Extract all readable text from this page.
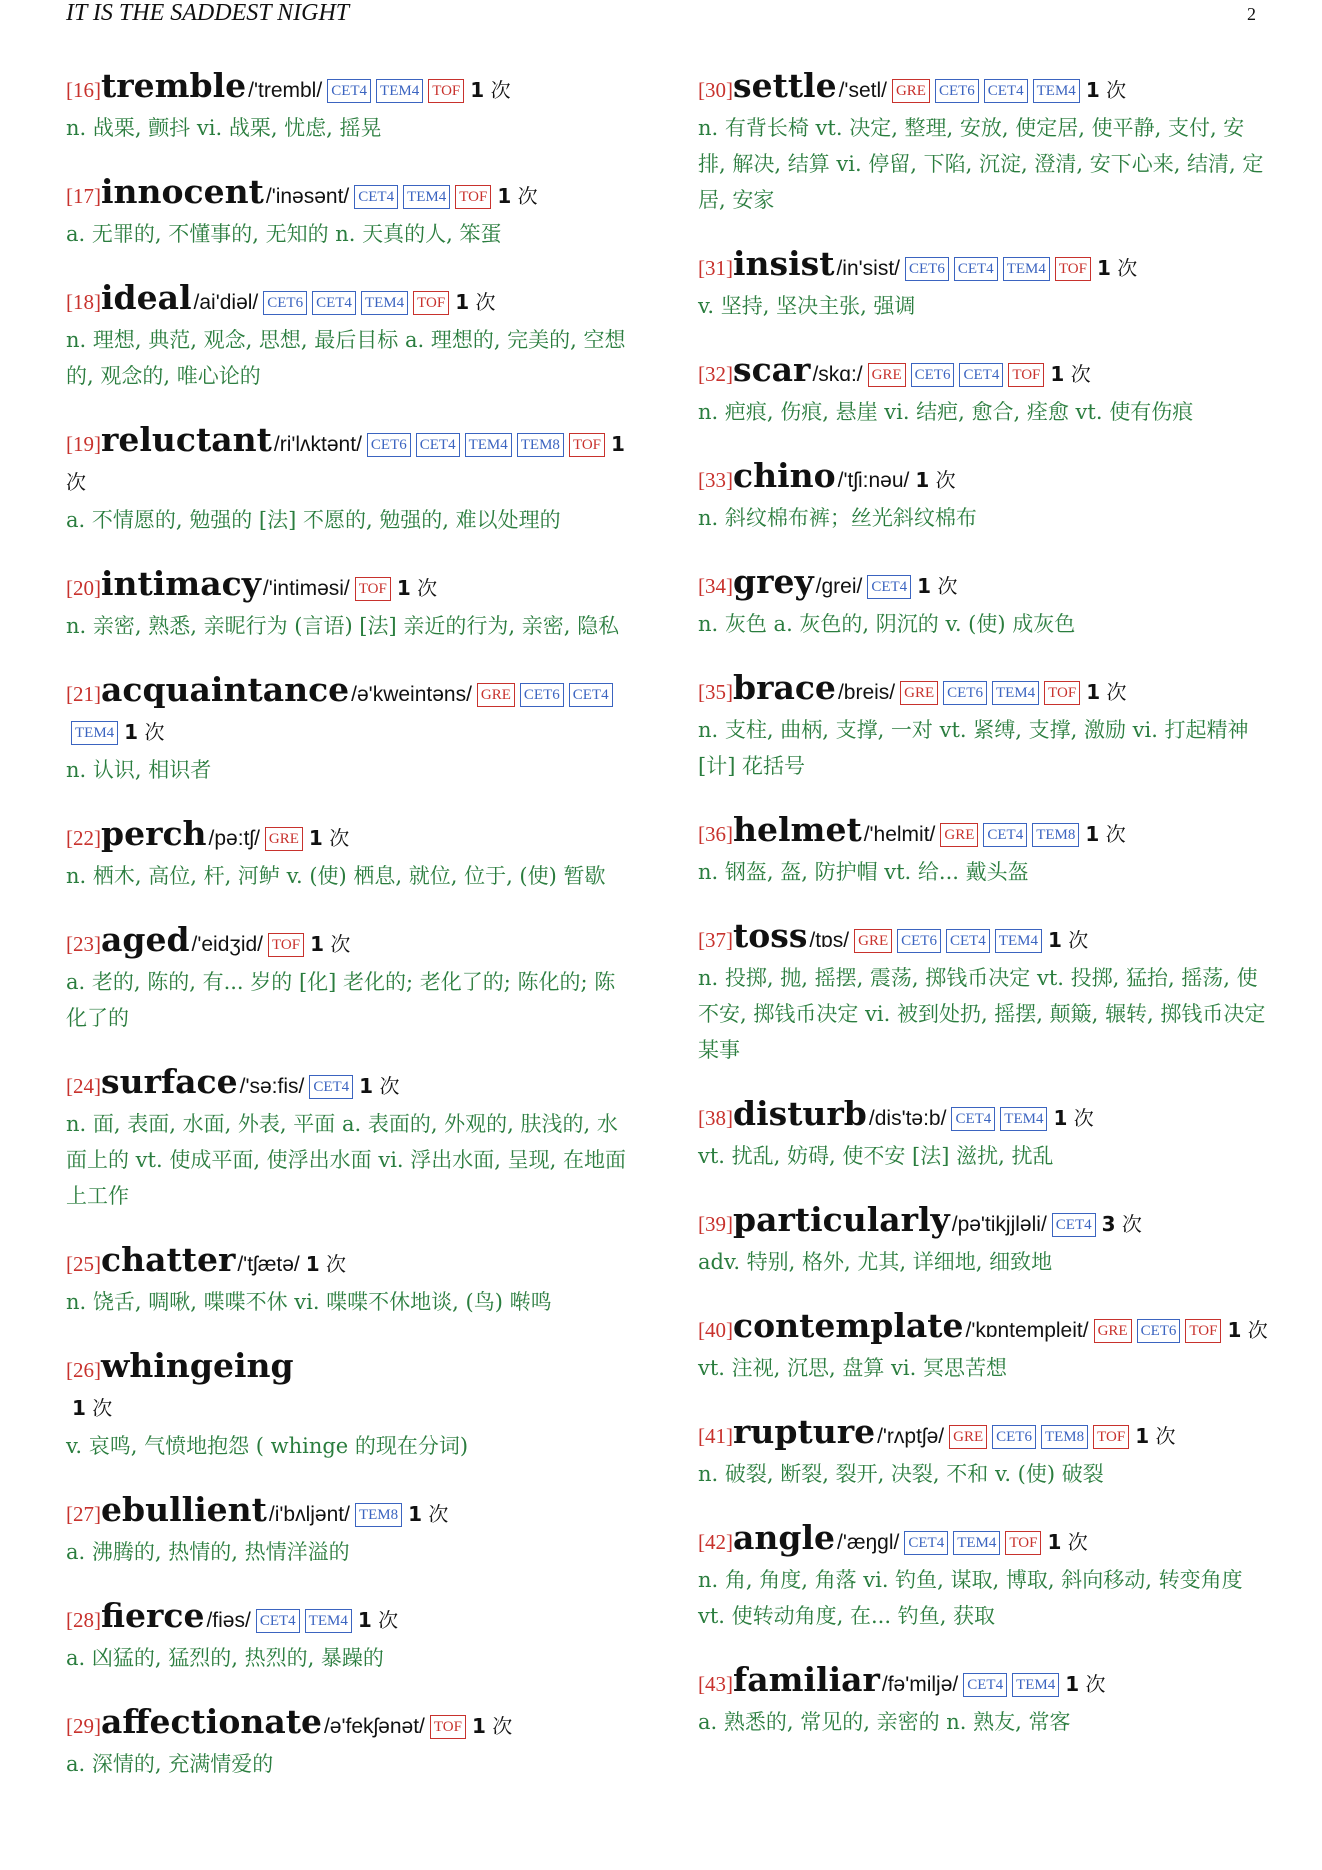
IT IS THE SADDEST NIGHT	2
[16]tremble/'trembl/ CET4 TEM4 TOF 1 次
n. 战栗, 颤抖 vi. 战栗, 忧虑, 摇晃
[17]innocent/'inəsənt/ CET4 TEM4 TOF 1 次
a. 无罪的, 不懂事的, 无知的 n. 天真的人, 笨蛋
[18]ideal/ai'diəl/ CET6 CET4 TEM4 TOF 1 次
n. 理想, 典范, 观念, 思想, 最后目标 a. 理想的, 完美的, 空想的, 观念的, 唯心论的
[19]reluctant/ri'lʌktənt/ CET6 CET4 TEM4 TEM8 TOF 1 次
a. 不情愿的, 勉强的 [法] 不愿的, 勉强的, 难以处理的
[20]intimacy/'intiməsi/ TOF 1 次
n. 亲密, 熟悉, 亲昵行为 (言语) [法] 亲近的行为, 亲密, 隐私
[21]acquaintance/ə'kweintəns/ GRE CET6 CET4TEM4 1 次
n. 认识, 相识者
[22]perch/pə:tʃ/ GRE 1 次
n. 栖木, 高位, 杆, 河鲈 v. (使) 栖息, 就位, 位于, (使) 暂歇
[23]aged/'eidʒid/ TOF 1 次
a. 老的, 陈的, 有... 岁的 [化] 老化的; 老化了的; 陈化的; 陈化了的
[24]surface/'sə:fis/ CET4 1 次
n. 面, 表面, 水面, 外表, 平面 a. 表面的, 外观的, 肤浅的, 水面上的 vt. 使成平面, 使浮出水面 vi. 浮出水面, 呈现, 在地面上工作
[25]chatter/'tʃætə/ 1 次
n. 饶舌, 啁啾, 喋喋不休 vi. 喋喋不休地谈, (鸟) 啭鸣
[26]whingeing
1 次
v. 哀鸣, 气愤地抱怨 ( whinge 的现在分词)
[27]ebullient/i'bʌljənt/ TEM8 1 次
a. 沸腾的, 热情的, 热情洋溢的
[28]fierce/fiəs/ CET4 TEM4 1 次
a. 凶猛的, 猛烈的, 热烈的, 暴躁的
[29]affectionate/ə'fekʃənət/ TOF 1 次
a. 深情的, 充满情爱的
[30]settle/'setl/ GRE CET6 CET4 TEM4 1 次
n. 有背长椅 vt. 决定, 整理, 安放, 使定居, 使平静, 支付, 安排, 解决, 结算 vi. 停留, 下陷, 沉淀, 澄清, 安下心来, 结清, 定居, 安家
[31]insist/in'sist/ CET6 CET4 TEM4 TOF 1 次
v. 坚持, 坚决主张, 强调
[32]scar/skɑ:/ GRE CET6 CET4 TOF 1 次
n. 疤痕, 伤痕, 悬崖 vi. 结疤, 愈合, 痊愈 vt. 使有伤痕
[33]chino/'tʃi:nəu/ 1 次
n. 斜纹棉布裤；丝光斜纹棉布
[34]grey/grei/ CET4 1 次
n. 灰色 a. 灰色的, 阴沉的 v. (使) 成灰色
[35]brace/breis/ GRE CET6 TEM4 TOF 1 次
n. 支柱, 曲柄, 支撑, 一对 vt. 紧缚, 支撑, 激励 vi. 打起精神 [计] 花括号
[36]helmet/'helmit/ GRE CET4 TEM8 1 次
n. 钢盔, 盔, 防护帽 vt. 给... 戴头盔
[37]toss/tɒs/ GRE CET6 CET4 TEM4 1 次
n. 投掷, 抛, 摇摆, 震荡, 掷钱币决定 vt. 投掷, 猛抬, 摇荡, 使不安, 掷钱币决定 vi. 被到处扔, 摇摆, 颠簸, 辗转, 掷钱币决定某事
[38]disturb/dis'tə:b/ CET4 TEM4 1 次
vt. 扰乱, 妨碍, 使不安 [法] 滋扰, 扰乱
[39]particularly/pə'tikjjləli/ CET4 3 次
adv. 特别, 格外, 尤其, 详细地, 细致地
[40]contemplate/'kɒntempleit/ GRE CET6 TOF 1 次
vt. 注视, 沉思, 盘算 vi. 冥思苦想
[41]rupture/'rʌptʃə/ GRE CET6 TEM8 TOF 1 次
n. 破裂, 断裂, 裂开, 决裂, 不和 v. (使) 破裂
[42]angle/'æŋgl/ CET4 TEM4 TOF 1 次
n. 角, 角度, 角落 vi. 钓鱼, 谋取, 博取, 斜向移动, 转变角度 vt. 使转动角度, 在... 钓鱼, 获取
[43]familiar/fə'miljə/ CET4 TEM4 1 次
a. 熟悉的, 常见的, 亲密的 n. 熟友, 常客
